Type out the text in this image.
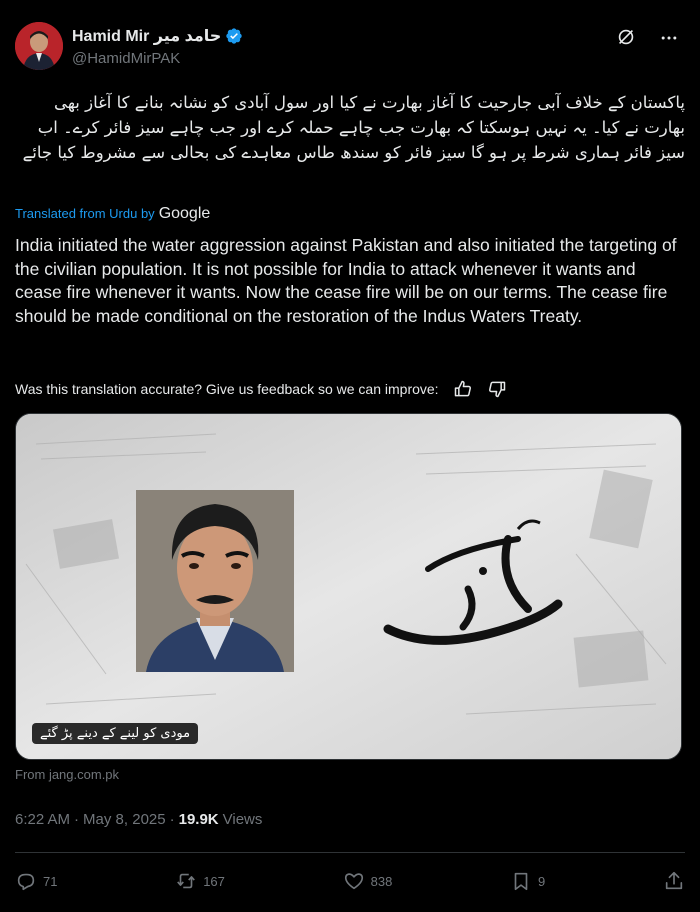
Hamid Mir حامد میر
@HamidMirPAK
پاکستان کے خلاف آبی جارحیت کا آغاز بھارت نے کیا اور سول آبادی کو نشانہ بنانے کا آغاز بھی بھارت نے کیا۔ یہ نہیں ہوسکتا کہ بھارت جب چاہے حملہ کرے اور جب چاہے سیز فائر کرے۔ اب سیز فائر ہماری شرط پر ہو گا سیز فائر کو سندھ طاس معاہدے کی بحالی سے مشروط کیا جائے
Translated from Urdu by Google
India initiated the water aggression against Pakistan and also initiated the targeting of the civilian population. It is not possible for India to attack whenever it wants and cease fire whenever it wants. Now the cease fire will be on our terms. The cease fire should be made conditional on the restoration of the Indus Waters Treaty.
Was this translation accurate? Give us feedback so we can improve:
مودی کو لینے کے دینے پڑ گئے
From jang.com.pk
6:22 AM · May 8, 2025 · 19.9K Views
71	167	838	9
